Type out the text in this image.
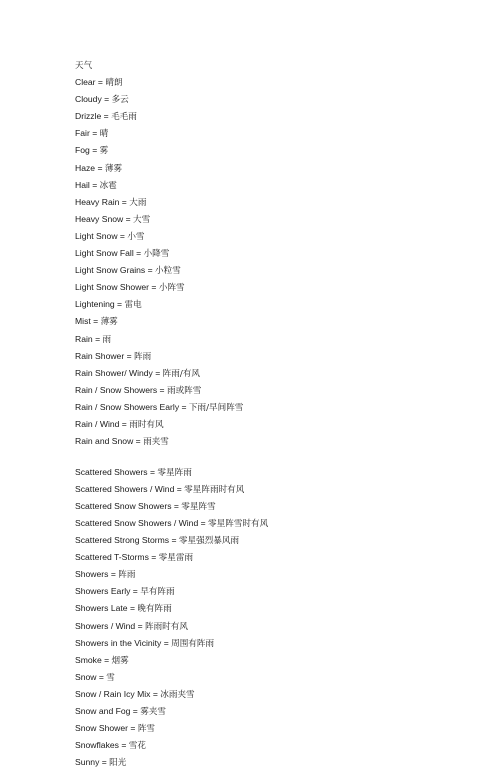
天气
Clear = 晴朗
Cloudy = 多云
Drizzle = 毛毛雨
Fair = 晴
Fog = 雾
Haze = 薄雾
Hail = 冰雹
Heavy Rain = 大雨
Heavy Snow = 大雪
Light Snow = 小雪
Light Snow Fall = 小降雪
Light Snow Grains = 小粒雪
Light Snow Shower = 小阵雪
Lightening = 雷电
Mist = 薄雾
Rain = 雨
Rain Shower = 阵雨
Rain Shower/ Windy = 阵雨/有风
Rain / Snow Showers = 雨或阵雪
Rain / Snow Showers Early = 下雨/早间阵雪
Rain / Wind = 雨时有风
Rain and Snow = 雨夹雪
Scattered Showers = 零星阵雨
Scattered Showers / Wind = 零星阵雨时有风
Scattered Snow Showers = 零星阵雪
Scattered Snow Showers / Wind = 零星阵雪时有风
Scattered Strong Storms = 零星强烈暴风雨
Scattered T-Storms = 零星雷雨
Showers = 阵雨
Showers Early = 早有阵雨
Showers Late = 晚有阵雨
Showers / Wind = 阵雨时有风
Showers in the Vicinity = 周围有阵雨
Smoke = 烟雾
Snow = 雪
Snow / Rain Icy Mix = 冰雨夹雪
Snow and Fog = 雾夹雪
Snow Shower = 阵雪
Snowflakes = 雪花
Sunny = 阳光
